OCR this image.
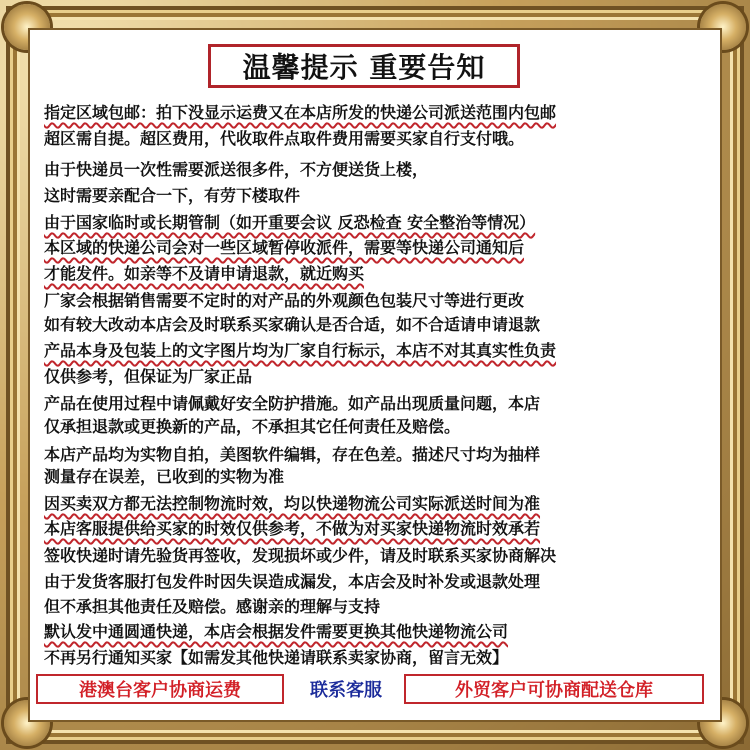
温馨提示 重要告知
指定区域包邮：拍下没显示运费又在本店所发的快递公司派送范围内包邮
超区需自提。超区费用，代收取件点取件费用需要买家自行支付哦。
由于快递员一次性需要派送很多件，不方便送货上楼，
这时需要亲配合一下，有劳下楼取件
由于国家临时或长期管制（如开重要会议 反恐检查 安全整治等情况）
本区域的快递公司会对一些区域暂停收派件，需要等快递公司通知后
才能发件。如亲等不及请申请退款，就近购买
厂家会根据销售需要不定时的对产品的外观颜色包装尺寸等进行更改
如有较大改动本店会及时联系买家确认是否合适，如不合适请申请退款
产品本身及包装上的文字图片均为厂家自行标示，本店不对其真实性负责
仅供参考，但保证为厂家正品
产品在使用过程中请佩戴好安全防护措施。如产品出现质量问题，本店
仅承担退款或更换新的产品，不承担其它任何责任及赔偿。
本店产品均为实物自拍，美图软件编辑，存在色差。描述尺寸均为抽样
测量存在误差，已收到的实物为准
因买卖双方都无法控制物流时效，均以快递物流公司实际派送时间为准
本店客服提供给买家的时效仅供参考，不做为对买家快递物流时效承若
签收快递时请先验货再签收，发现损坏或少件，请及时联系买家协商解决
由于发货客服打包发件时因失误造成漏发，本店会及时补发或退款处理
但不承担其他责任及赔偿。感谢亲的理解与支持
默认发中通圆通快递，本店会根据发件需要更换其他快递物流公司
不再另行通知买家【如需发其他快递请联系卖家协商，留言无效】
港澳台客户协商运费	联系客服	外贸客户可协商配送仓库
